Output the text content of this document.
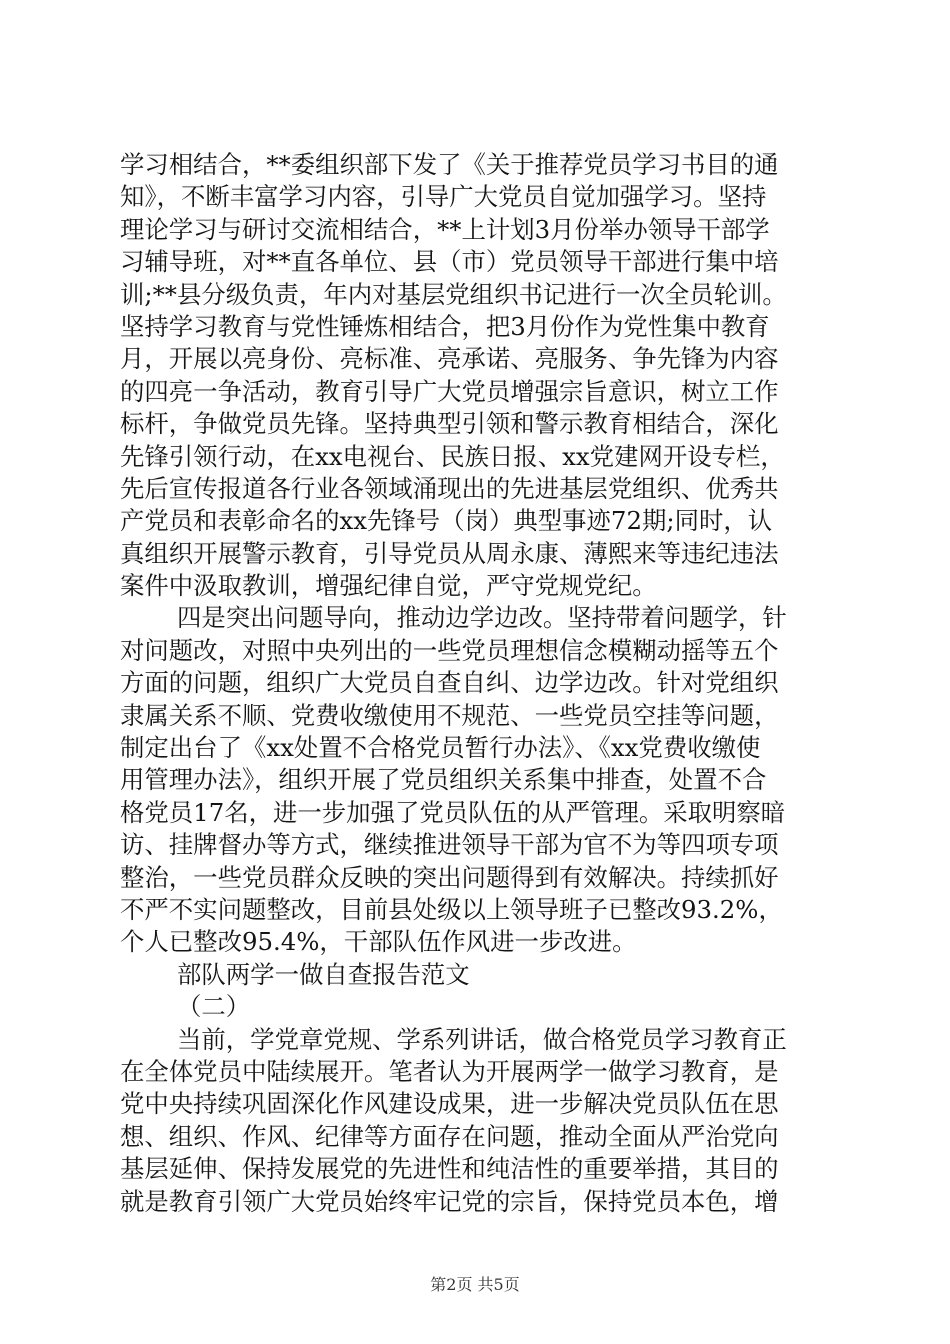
学习相结合，**委组织部下发了《关于推荐党员学习书目的通
知》，不断丰富学习内容，引导广大党员自觉加强学习。坚持
理论学习与研讨交流相结合，**上计划3月份举办领导干部学
习辅导班，对**直各单位、县（市）党员领导干部进行集中培
训;**县分级负责，年内对基层党组织书记进行一次全员轮训。
坚持学习教育与党性锤炼相结合，把3月份作为党性集中教育
月，开展以亮身份、亮标准、亮承诺、亮服务、争先锋为内容
的四亮一争活动，教育引导广大党员增强宗旨意识，树立工作
标杆，争做党员先锋。坚持典型引领和警示教育相结合，深化
先锋引领行动，在xx电视台、民族日报、xx党建网开设专栏，
先后宣传报道各行业各领域涌现出的先进基层党组织、优秀共
产党员和表彰命名的xx先锋号（岗）典型事迹72期;同时，认
真组织开展警示教育，引导党员从周永康、薄熙来等违纪违法
案件中汲取教训，增强纪律自觉，严守党规党纪。
四是突出问题导向，推动边学边改。坚持带着问题学，针
对问题改，对照中央列出的一些党员理想信念模糊动摇等五个
方面的问题，组织广大党员自查自纠、边学边改。针对党组织
隶属关系不顺、党费收缴使用不规范、一些党员空挂等问题，
制定出台了《xx处置不合格党员暂行办法》、《xx党费收缴使
用管理办法》，组织开展了党员组织关系集中排查，处置不合
格党员17名，进一步加强了党员队伍的从严管理。采取明察暗
访、挂牌督办等方式，继续推进领导干部为官不为等四项专项
整治，一些党员群众反映的突出问题得到有效解决。持续抓好
不严不实问题整改，目前县处级以上领导班子已整改93.2%，
个人已整改95.4%，干部队伍作风进一步改进。
部队两学一做自查报告范文
（二）
当前，学党章党规、学系列讲话，做合格党员学习教育正
在全体党员中陆续展开。笔者认为开展两学一做学习教育，是
党中央持续巩固深化作风建设成果，进一步解决党员队伍在思
想、组织、作风、纪律等方面存在问题，推动全面从严治党向
基层延伸、保持发展党的先进性和纯洁性的重要举措，其目的
就是教育引领广大党员始终牢记党的宗旨，保持党员本色，增
第2页 共5页
